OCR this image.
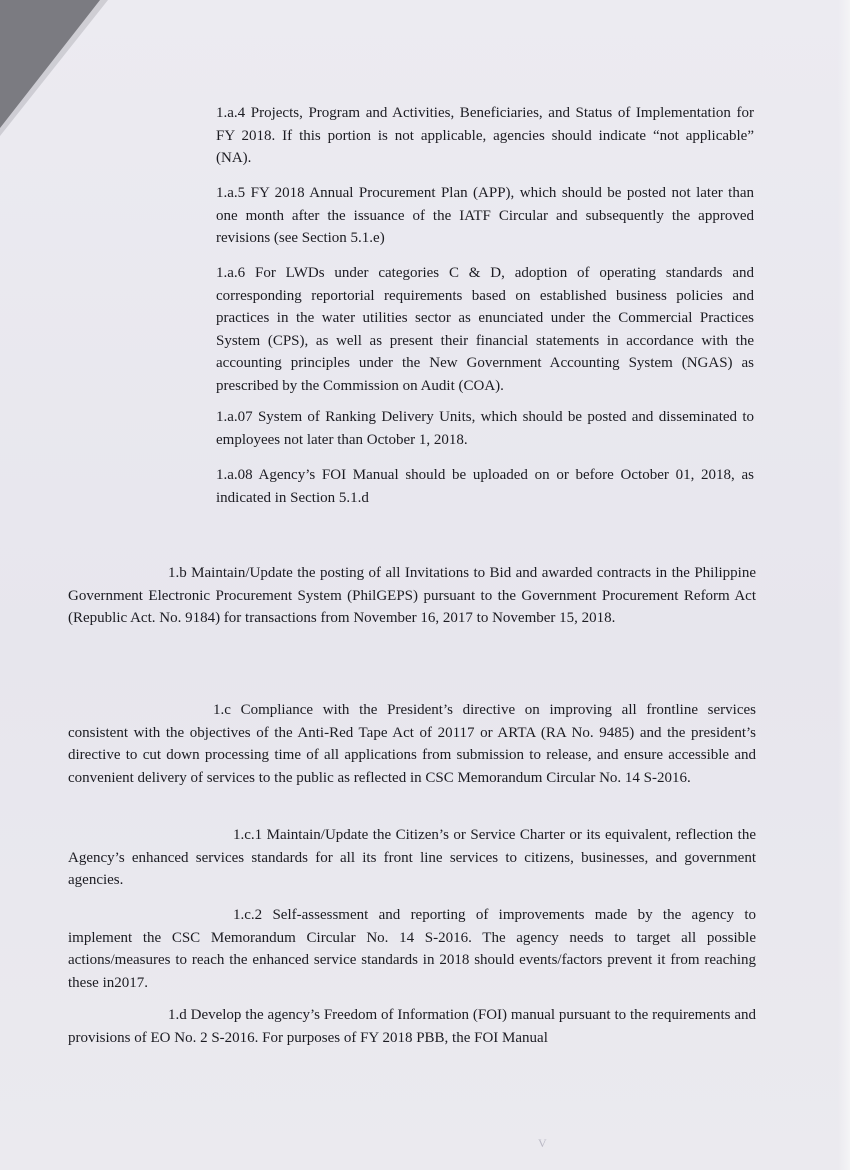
1.a.4 Projects, Program and Activities, Beneficiaries, and Status of Implementation for FY 2018. If this portion is not applicable, agencies should indicate “not applicable” (NA).

1.a.5 FY 2018 Annual Procurement Plan (APP), which should be posted not later than one month after the issuance of the IATF Circular and subsequently the approved revisions (see Section 5.1.e)

1.a.6 For LWDs under categories C & D, adoption of operating standards and corresponding reportorial requirements based on established business policies and practices in the water utilities sector as enunciated under the Commercial Practices System (CPS), as well as present their financial statements in accordance with the accounting principles under the New Government Accounting System (NGAS) as prescribed by the Commission on Audit (COA).

1.a.07 System of Ranking Delivery Units, which should be posted and disseminated to employees not later than October 1, 2018.

1.a.08 Agency’s FOI Manual should be uploaded on or before October 01, 2018, as indicated in Section 5.1.d

1.b Maintain/Update the posting of all Invitations to Bid and awarded contracts in the Philippine Government Electronic Procurement System (PhilGEPS) pursuant to the Government Procurement Reform Act (Republic Act. No. 9184) for transactions from November 16, 2017 to November 15, 2018.

1.c Compliance with the President’s directive on improving all frontline services consistent with the objectives of the Anti-Red Tape Act of 20117 or ARTA (RA No. 9485) and the president’s directive to cut down processing time of all applications from submission to release, and ensure accessible and convenient delivery of services to the public as reflected in CSC Memorandum Circular No. 14 S-2016.

1.c.1 Maintain/Update the Citizen’s or Service Charter or its equivalent, reflection the Agency’s enhanced services standards for all its front line services to citizens, businesses, and government agencies.

1.c.2 Self-assessment and reporting of improvements made by the agency to implement the CSC Memorandum Circular No. 14 S-2016. The agency needs to target all possible actions/measures to reach the enhanced service standards in 2018 should events/factors prevent it from reaching these in2017.

1.d Develop the agency’s Freedom of Information (FOI) manual pursuant to the requirements and provisions of EO No. 2 S-2016. For purposes of FY 2018 PBB, the FOI Manual

V
